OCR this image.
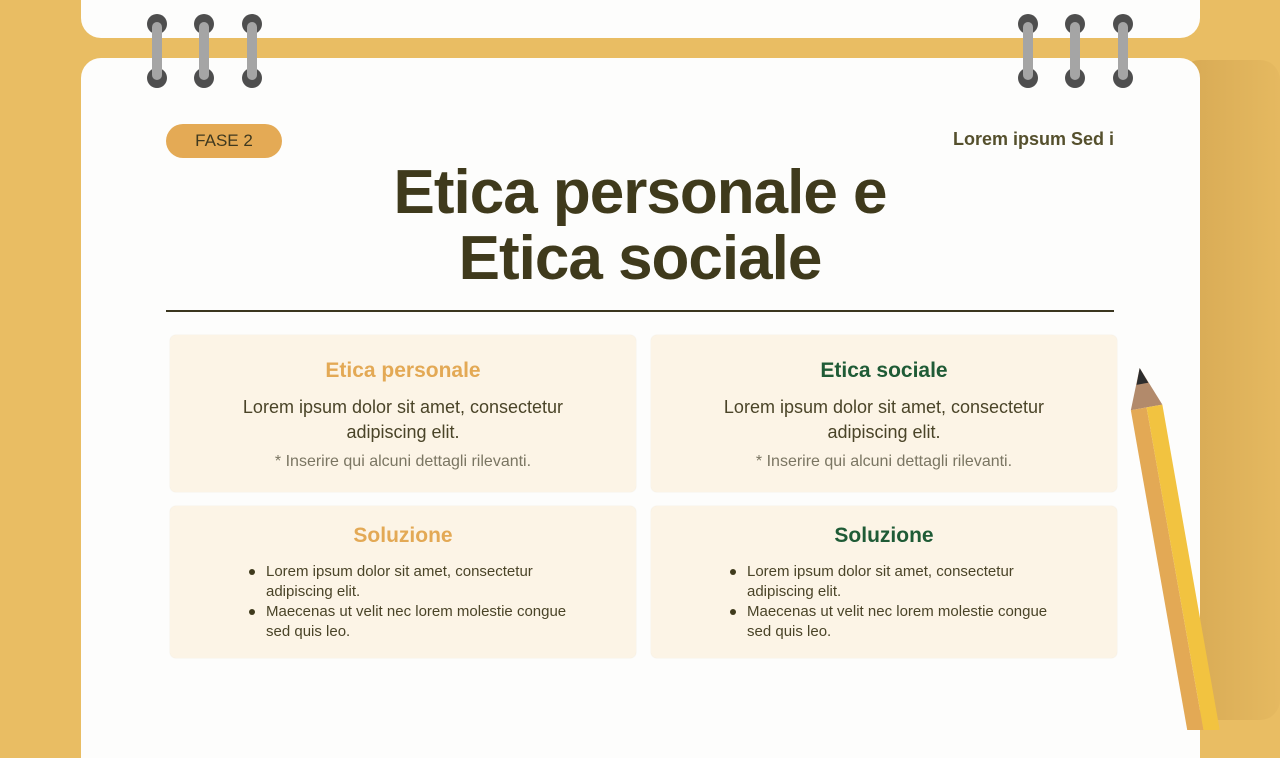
FASE 2	Lorem ipsum Sed i
Etica personale e
Etica sociale
Etica personale
Lorem ipsum dolor sit amet, consectetur adipiscing elit.
* Inserire qui alcuni dettagli rilevanti.
Etica sociale
Lorem ipsum dolor sit amet, consectetur adipiscing elit.
* Inserire qui alcuni dettagli rilevanti.
Soluzione
Lorem ipsum dolor sit amet, consectetur adipiscing elit.
Maecenas ut velit nec lorem molestie congue sed quis leo.
Soluzione
Lorem ipsum dolor sit amet, consectetur adipiscing elit.
Maecenas ut velit nec lorem molestie congue sed quis leo.
